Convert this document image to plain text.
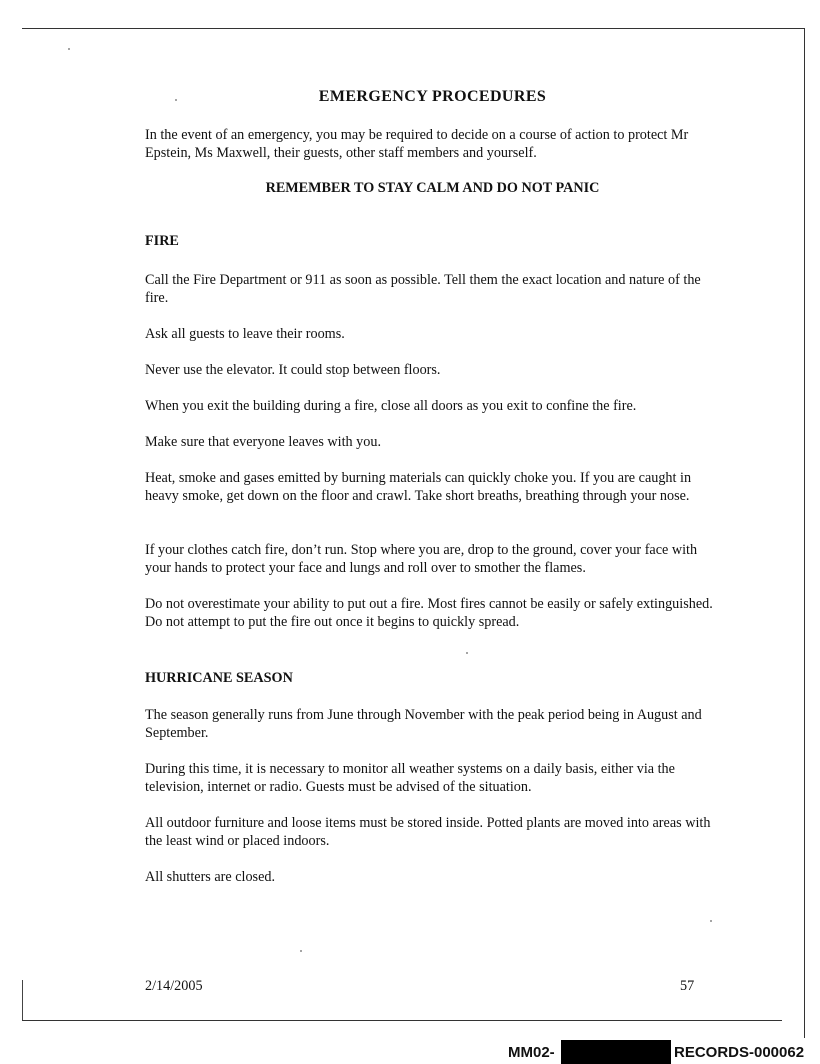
EMERGENCY PROCEDURES
In the event of an emergency, you may be required to decide on a course of action to protect Mr Epstein, Ms Maxwell, their guests, other staff members and yourself.
REMEMBER TO STAY CALM AND DO NOT PANIC
FIRE
Call the Fire Department or 911 as soon as possible. Tell them the exact location and nature of the fire.
Ask all guests to leave their rooms.
Never use the elevator. It could stop between floors.
When you exit the building during a fire, close all doors as you exit to confine the fire.
Make sure that everyone leaves with you.
Heat, smoke and gases emitted by burning materials can quickly choke you. If you are caught in heavy smoke, get down on the floor and crawl. Take short breaths, breathing through your nose.
If your clothes catch fire, don’t run. Stop where you are, drop to the ground, cover your face with your hands to protect your face and lungs and roll over to smother the flames.
Do not overestimate your ability to put out a fire. Most fires cannot be easily or safely extinguished. Do not attempt to put the fire out once it begins to quickly spread.
HURRICANE SEASON
The season generally runs from June through November with the peak period being in August and September.
During this time, it is necessary to monitor all weather systems on a daily basis, either via the television, internet or radio. Guests must be advised of the situation.
All outdoor furniture and loose items must be stored inside. Potted plants are moved into areas with the least wind or placed indoors.
All shutters are closed.
2/14/2005	57
MM02-	RECORDS-000062
